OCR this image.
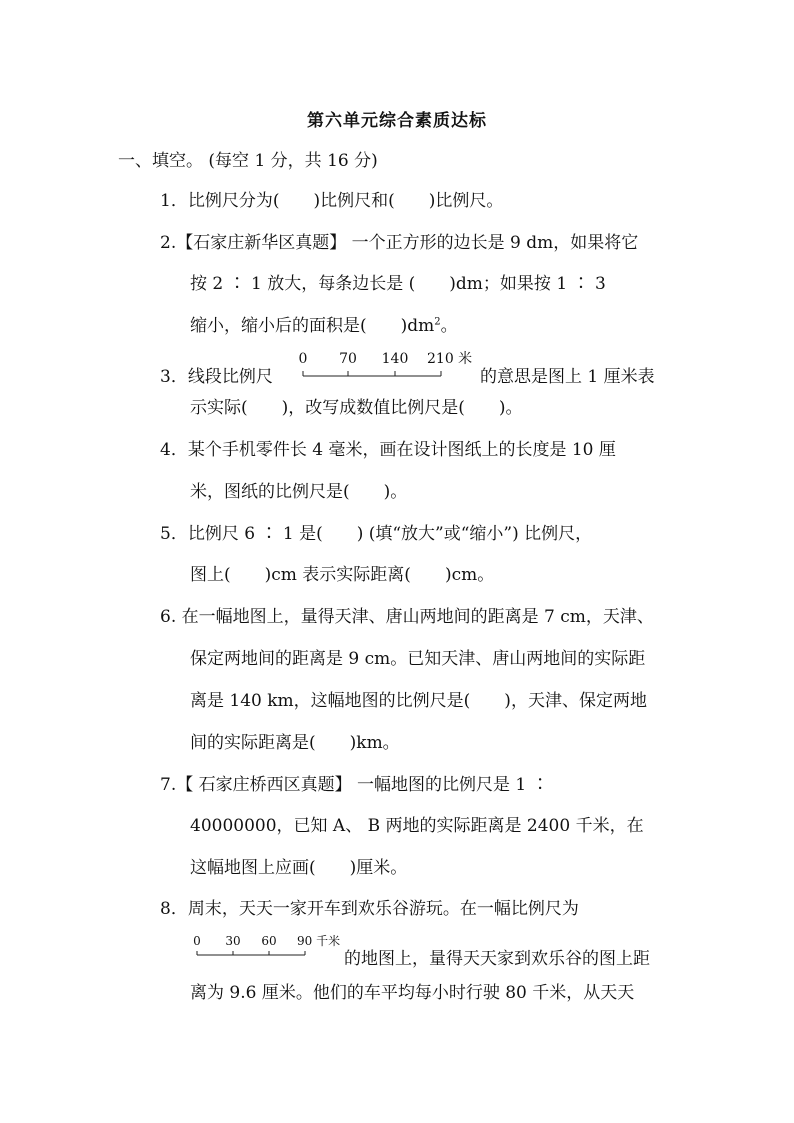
第六单元综合素质达标
一、填空。 (每空 1 分，共 16 分)
1．比例尺分为(　　)比例尺和(　　)比例尺。
2.【石家庄新华区真题】 一个正方形的边长是 9 dm，如果将它
按 2 ∶ 1 放大，每条边长是 (　　)dm；如果按 1 ∶ 3
缩小，缩小后的面积是(　　)$dm^2$。
3．线段比例尺
0 70 140 210 米
的意思是图上 1 厘米表
示实际(　　)，改写成数值比例尺是(　　)。
4．某个手机零件长 4 毫米，画在设计图纸上的长度是 10 厘
米，图纸的比例尺是(　　)。
5．比例尺 6 ∶ 1 是(　　) (填“放大”或“缩小”) 比例尺，
图上(　　)cm 表示实际距离(　　)cm。
6. 在一幅地图上，量得天津、唐山两地间的距离是 7 cm，天津、
保定两地间的距离是 9 cm。已知天津、唐山两地间的实际距
离是 140 km，这幅地图的比例尺是(　　)，天津、保定两地
间的实际距离是(　　)km。
7.【 石家庄桥西区真题】 一幅地图的比例尺是 1 ∶
40000000，已知 A、 B 两地的实际距离是 2400 千米，在
这幅地图上应画(　　)厘米。
8．周末，天天一家开车到欢乐谷游玩。在一幅比例尺为
0 30 60 90 千米
的地图上，量得天天家到欢乐谷的图上距
离为 9.6 厘米。他们的车平均每小时行驶 80 千米，从天天
